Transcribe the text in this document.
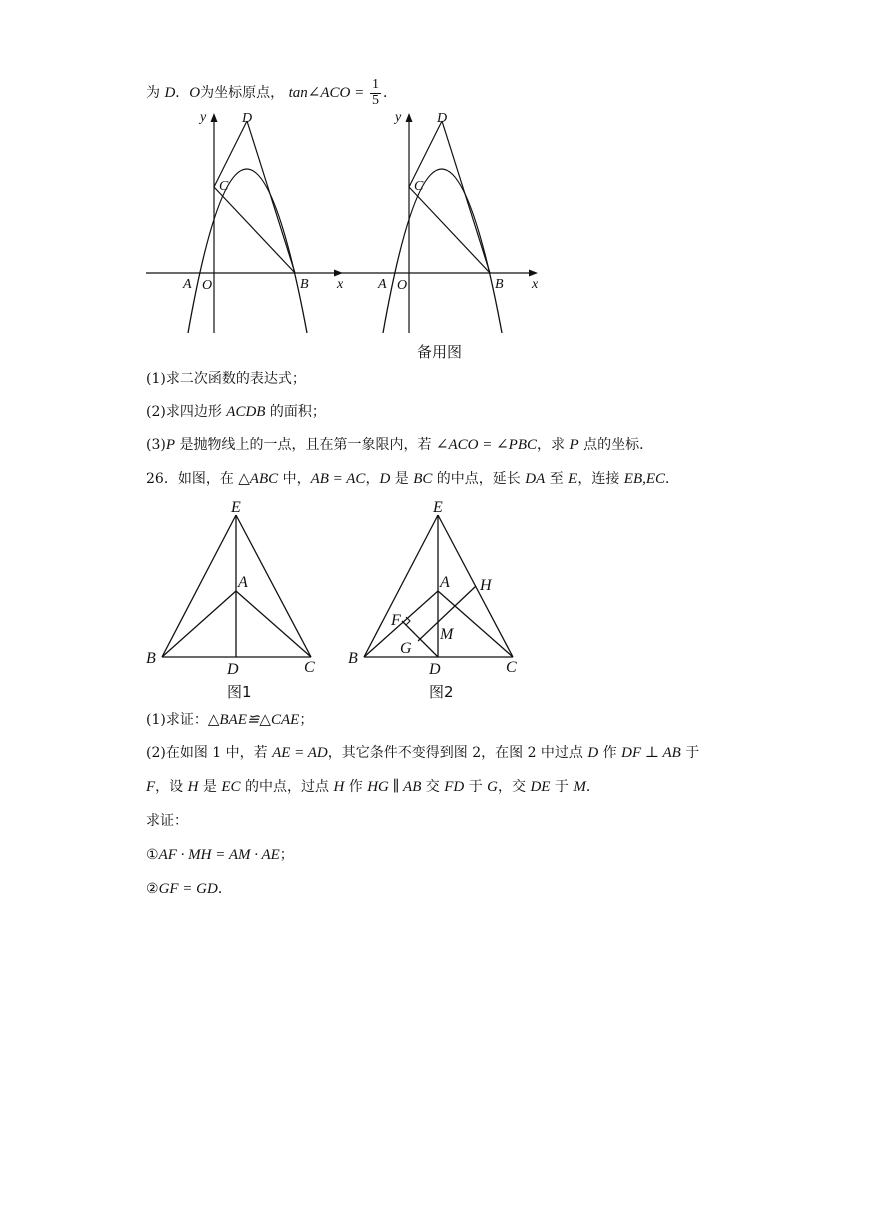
为 D．O为坐标原点， tan∠ACO = $\frac{1}{5}$ ．
y	D
C
A O	B x
y	D
C
A O	B x
备用图
(1)求二次函数的表达式；
(2)求四边形 ACDB 的面积；
(3)P 是抛物线上的一点，且在第一象限内，若 ∠ACO = ∠PBC，求 P 点的坐标．
26．如图，在 △ABC 中，AB = AC，D 是 BC 的中点，延长 DA 至 E，连接 EB,EC．
E
A
B
D	C
图1
E
A H
F
M
G
B
D	C
图2
(1)求证：△BAE≌△CAE；
(2)在如图 1 中，若 AE = AD，其它条件不变得到图 2，在图 2 中过点 D 作 DF ⊥ AB 于
F，设 H 是 EC 的中点，过点 H 作 HG ∥ AB 交 FD 于 G，交 DE 于 M．
求证：
①AF · MH = AM · AE；
②GF = GD．
